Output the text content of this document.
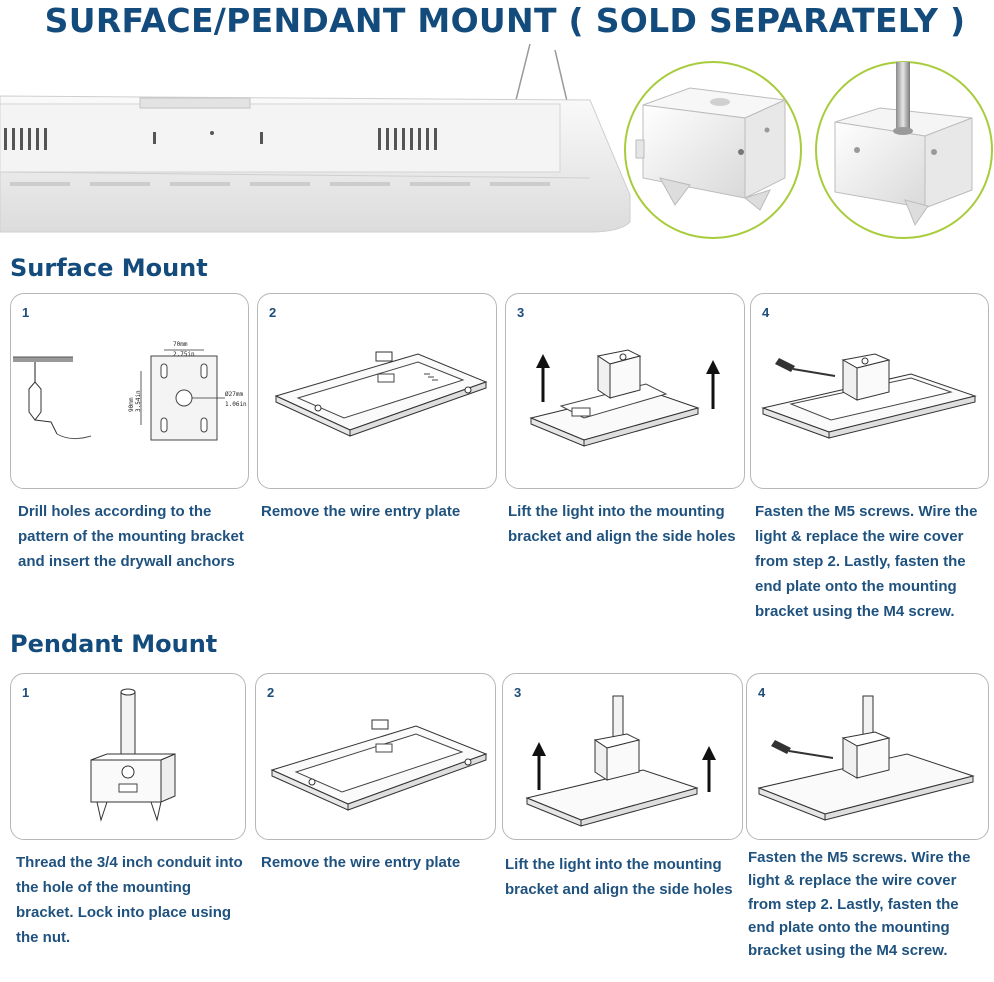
SURFACE/PENDANT MOUNT ( SOLD SEPARATELY )
Surface Mount
1
70mm
2.75in
Ø27mm
1.06in
90mm 3.54in
2	3	4
Drill holes according to the pattern of the mounting bracket and insert the drywall anchors
Remove the wire entry plate	Lift the light into the mounting bracket and align the side holes
Fasten the M5 screws. Wire the light & replace the wire cover from step 2. Lastly, fasten the end plate onto the mounting bracket using the M4 screw.
Pendant Mount
1	2	3	4
Thread the 3/4 inch conduit into the hole of the mounting bracket. Lock into place using the nut.
Remove the wire entry plate	Lift the light into the mounting bracket and align the side holes
Fasten the M5 screws. Wire the light & replace the wire cover from step 2. Lastly, fasten the end plate onto the mounting bracket using the M4 screw.
